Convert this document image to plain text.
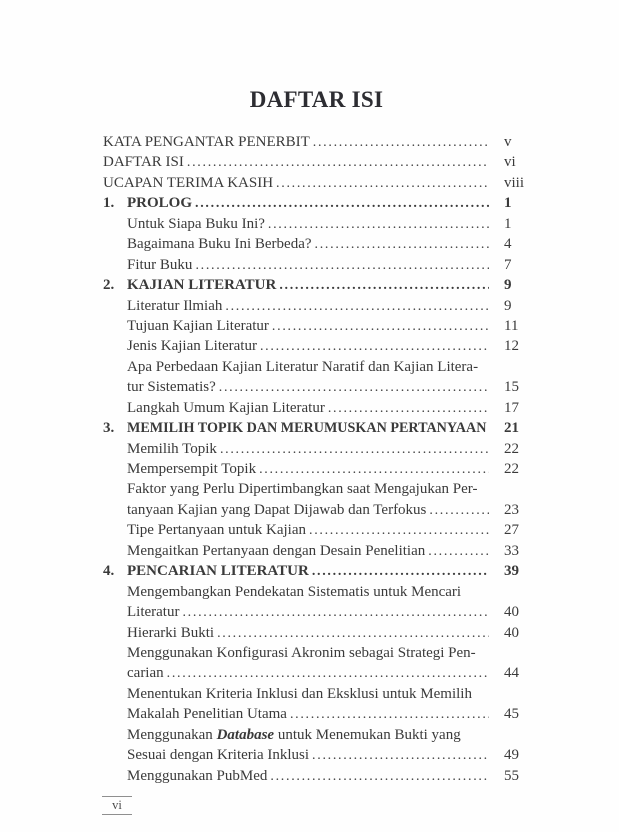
DAFTAR ISI
KATA PENGANTAR PENERBIT .....	v
DAFTAR ISI .....	vi
UCAPAN TERIMA KASIH .....	viii
1. PROLOG .....	1
Untuk Siapa Buku Ini? .....	1
Bagaimana Buku Ini Berbeda? .....	4
Fitur Buku .....	7
2. KAJIAN LITERATUR .....	9
Literatur Ilmiah .....	9
Tujuan Kajian Literatur .....	11
Jenis Kajian Literatur .....	12
Apa Perbedaan Kajian Literatur Naratif dan Kajian Litera-
tur Sistematis? .....	15
Langkah Umum Kajian Literatur .....	17
3. MEMILIH TOPIK DAN MERUMUSKAN PERTANYAAN 21
Memilih Topik .....	22
Mempersempit Topik .....	22
Faktor yang Perlu Dipertimbangkan saat Mengajukan Per-
tanyaan Kajian yang Dapat Dijawab dan Terfokus .....	23
Tipe Pertanyaan untuk Kajian .....	27
Mengaitkan Pertanyaan dengan Desain Penelitian .....	33
4. PENCARIAN LITERATUR .....	39
Mengembangkan Pendekatan Sistematis untuk Mencari
Literatur .....	40
Hierarki Bukti .....	40
Menggunakan Konfigurasi Akronim sebagai Strategi Pen-
carian .....	44
Menentukan Kriteria Inklusi dan Eksklusi untuk Memilih
Makalah Penelitian Utama .....	45
Menggunakan Database untuk Menemukan Bukti yang
Sesuai dengan Kriteria Inklusi .....	49
Menggunakan PubMed .....	55
vi
